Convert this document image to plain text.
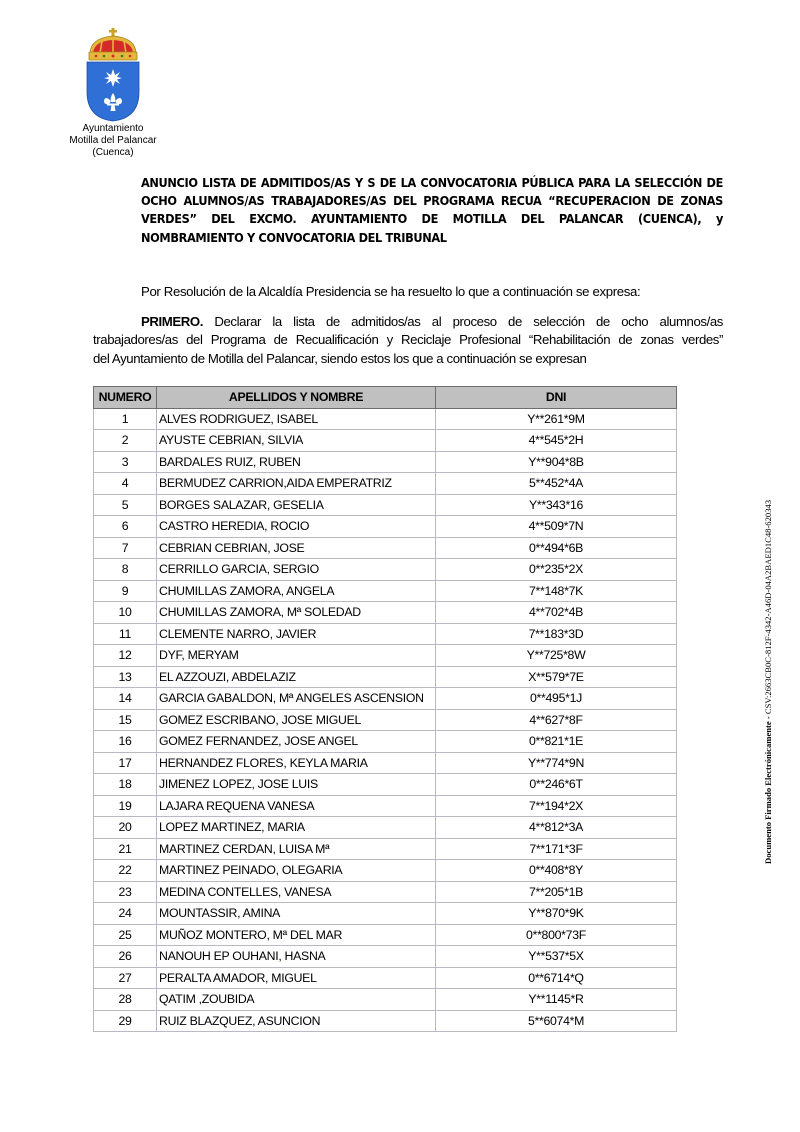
Ayuntamiento
Motilla del Palancar
(Cuenca)
ANUNCIO LISTA DE ADMITIDOS/AS Y S DE LA CONVOCATORIA PÚBLICA PARA LA SELECCIÓN DE
OCHO ALUMNOS/AS TRABAJADORES/AS DEL PROGRAMA RECUA “RECUPERACION DE ZONAS
VERDES” DEL EXCMO. AYUNTAMIENTO DE MOTILLA DEL PALANCAR (CUENCA), y
NOMBRAMIENTO Y CONVOCATORIA DEL TRIBUNAL
Por Resolución de la Alcaldía Presidencia se ha resuelto lo que a continuación se expresa:
PRIMERO. Declarar la lista de admitidos/as al proceso de selección de ocho alumnos/as
trabajadores/as del Programa de Recualificación y Reciclaje Profesional “Rehabilitación de zonas verdes”
del Ayuntamiento de Motilla del Palancar, siendo estos los que a continuación se expresan
NUMERO	APELLIDOS Y NOMBRE	DNI
1	ALVES RODRIGUEZ, ISABEL	Y**261*9M
2	AYUSTE CEBRIAN, SILVIA	4**545*2H
3	BARDALES RUIZ, RUBEN	Y**904*8B
4	BERMUDEZ CARRION,AIDA EMPERATRIZ	5**452*4A
5	BORGES SALAZAR, GESELIA	Y**343*16
6	CASTRO HEREDIA, ROCIO	4**509*7N
7	CEBRIAN CEBRIAN, JOSE	0**494*6B
8	CERRILLO GARCIA, SERGIO	0**235*2X
9	CHUMILLAS ZAMORA, ANGELA	7**148*7K
10	CHUMILLAS ZAMORA, Mª SOLEDAD	4**702*4B
11	CLEMENTE NARRO, JAVIER	7**183*3D
12	DYF, MERYAM	Y**725*8W
13	EL AZZOUZI, ABDELAZIZ	X**579*7E
14	GARCIA GABALDON, Mª ANGELES ASCENSION	0**495*1J
15	GOMEZ ESCRIBANO, JOSE MIGUEL	4**627*8F
16	GOMEZ FERNANDEZ, JOSE ANGEL	0**821*1E
17	HERNANDEZ FLORES, KEYLA MARIA	Y**774*9N
18	JIMENEZ LOPEZ, JOSE LUIS	0**246*6T
19	LAJARA REQUENA VANESA	7**194*2X
20	LOPEZ MARTINEZ, MARIA	4**812*3A
21	MARTINEZ CERDAN, LUISA Mª	7**171*3F
22	MARTINEZ PEINADO, OLEGARIA	0**408*8Y
23	MEDINA CONTELLES, VANESA	7**205*1B
24	MOUNTASSIR, AMINA	Y**870*9K
25	MUÑOZ MONTERO, Mª DEL MAR	0**800*73F
26	NANOUH EP OUHANI, HASNA	Y**537*5X
27	PERALTA AMADOR, MIGUEL	0**6714*Q
28	QATIM ,ZOUBIDA	Y**1145*R
29	RUIZ BLAZQUEZ, ASUNCION	5**6074*M
Documento Firmado Electrónicamente - CSV:2663CB0C-812F-4342-A46D-04A2BAED1C48-620343
